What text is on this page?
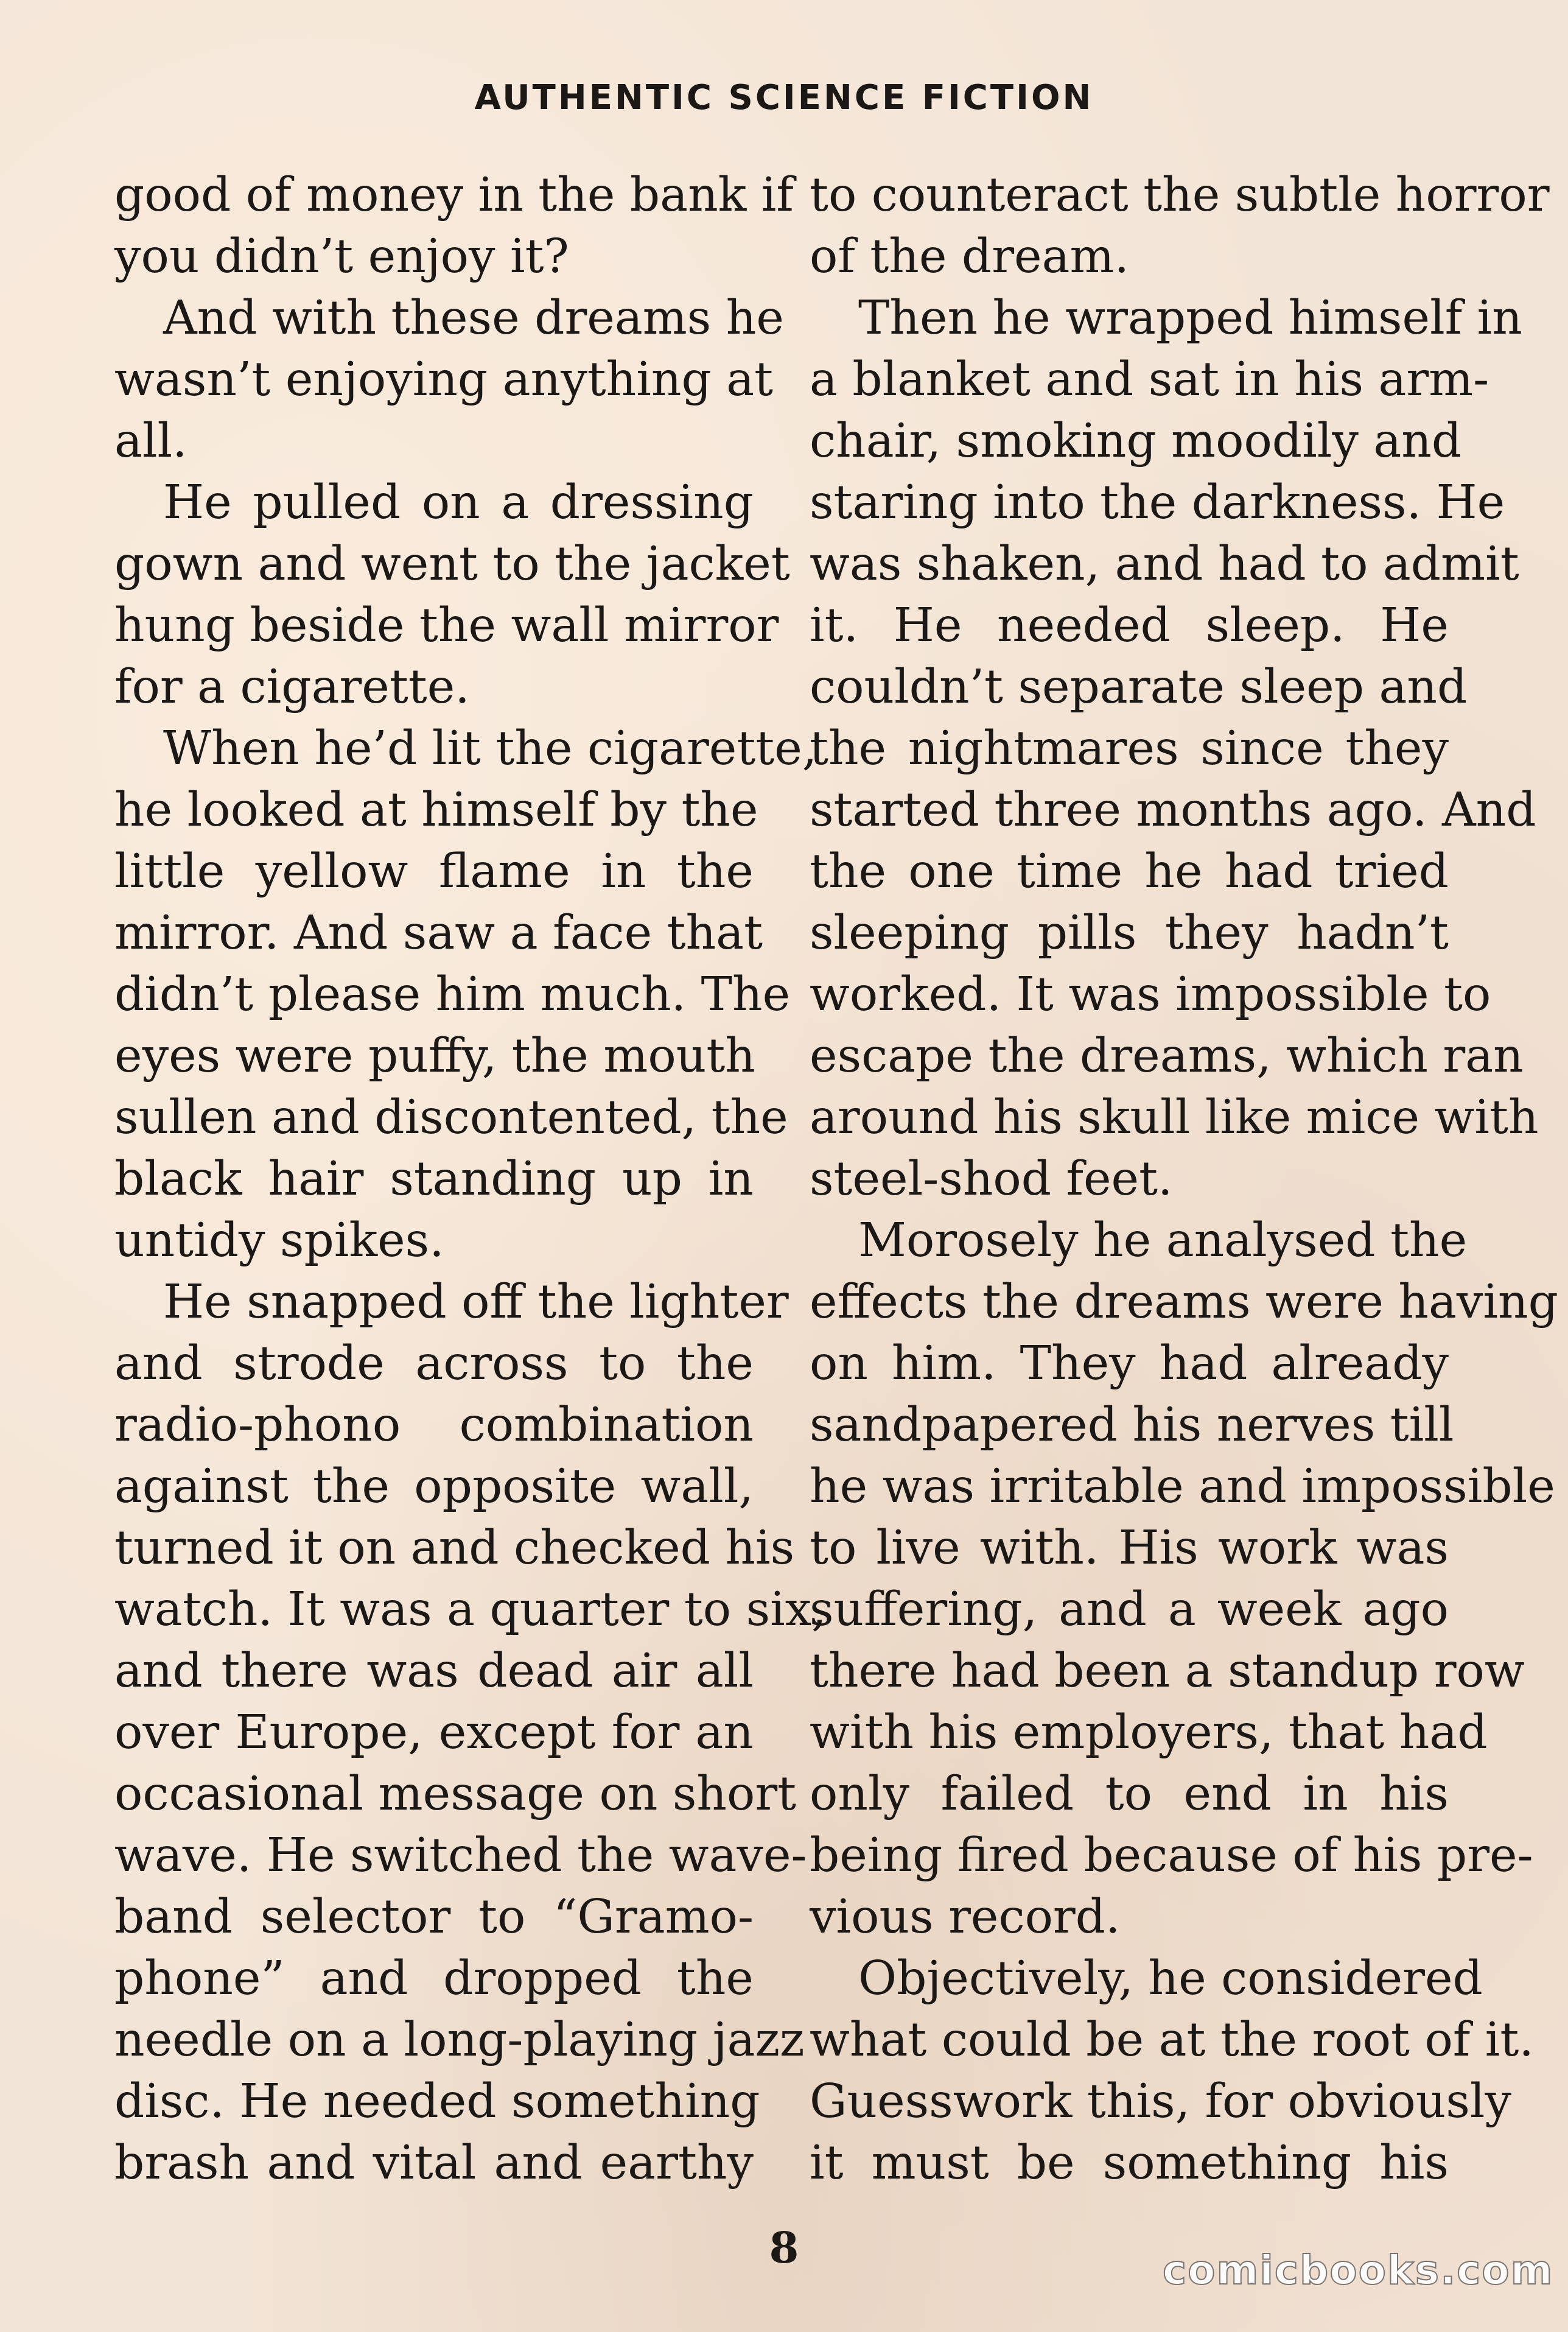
AUTHENTIC SCIENCE FICTION
good of money in the bank if
you didn’t enjoy it?
And with these dreams he
wasn’t enjoying anything at
all.
He pulled on a dressing
gown and went to the jacket
hung beside the wall mirror
for a cigarette.
When he’d lit the cigarette,
he looked at himself by the
little yellow flame in the
mirror. And saw a face that
didn’t please him much. The
eyes were puffy, the mouth
sullen and discontented, the
black hair standing up in
untidy spikes.
He snapped off the lighter
and strode across to the
radio-phono combination
against the opposite wall,
turned it on and checked his
watch. It was a quarter to six,
and there was dead air all
over Europe, except for an
occasional message on short
wave. He switched the wave-
band selector to “Gramo-
phone” and dropped the
needle on a long-playing jazz
disc. He needed something
brash and vital and earthy
to counteract the subtle horror
of the dream.
Then he wrapped himself in
a blanket and sat in his arm-
chair, smoking moodily and
staring into the darkness. He
was shaken, and had to admit
it. He needed sleep. He
couldn’t separate sleep and
the nightmares since they
started three months ago. And
the one time he had tried
sleeping pills they hadn’t
worked. It was impossible to
escape the dreams, which ran
around his skull like mice with
steel-shod feet.
Morosely he analysed the
effects the dreams were having
on him. They had already
sandpapered his nerves till
he was irritable and impossible
to live with. His work was
suffering, and a week ago
there had been a standup row
with his employers, that had
only failed to end in his
being fired because of his pre-
vious record.
Objectively, he considered
what could be at the root of it.
Guesswork this, for obviously
it must be something his
8	comicbooks.com
